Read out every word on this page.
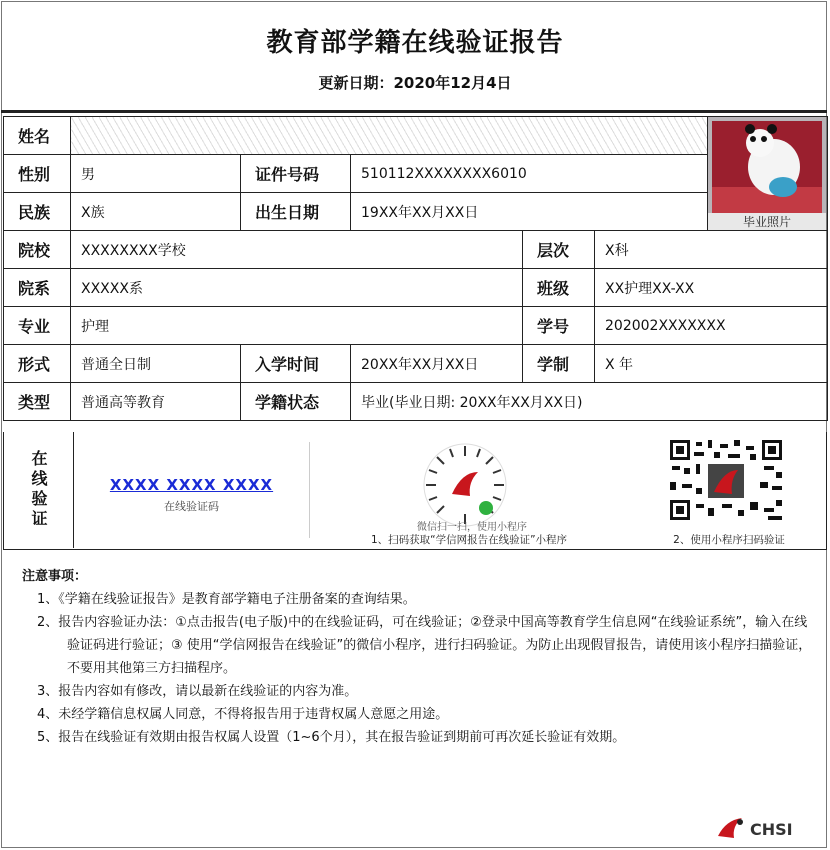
教育部学籍在线验证报告
更新日期：2020年12月4日
姓名						毕业照片

性别	男	证件号码	510112XXXXXXXX6010			
民族	X族	出生日期	19XX年XX月XX日			
院校	XXXXXXXX学校			层次	X科	
院系	XXXXX系			班级	XX护理XX-XX	
专业	护理			学号	202002XXXXXXX	
形式	普通全日制	入学时间	20XX年XX月XX日	学制	X 年	
类型	普通高等教育	学籍状态	毕业(毕业日期: 20XX年XX月XX日)			
在线验证	XXXX XXXX XXXX
在线验证码
微信扫一扫，使用小程序
1、扫码获取“学信网报告在线验证”小程序	2、使用小程序扫码验证
注意事项：
1、《学籍在线验证报告》是教育部学籍电子注册备案的查询结果。
2、报告内容验证办法：①点击报告(电子版)中的在线验证码，可在线验证；②登录中国高等教育学生信息网“在线验证系统”，输入在线验证码进行验证；③ 使用“学信网报告在线验证”的微信小程序，进行扫码验证。为防止出现假冒报告，请使用该小程序扫描验证，不要用其他第三方扫描程序。
3、报告内容如有修改，请以最新在线验证的内容为准。
4、未经学籍信息权属人同意，不得将报告用于违背权属人意愿之用途。
5、报告在线验证有效期由报告权属人设置（1~6个月），其在报告验证到期前可再次延长验证有效期。
CHSI
